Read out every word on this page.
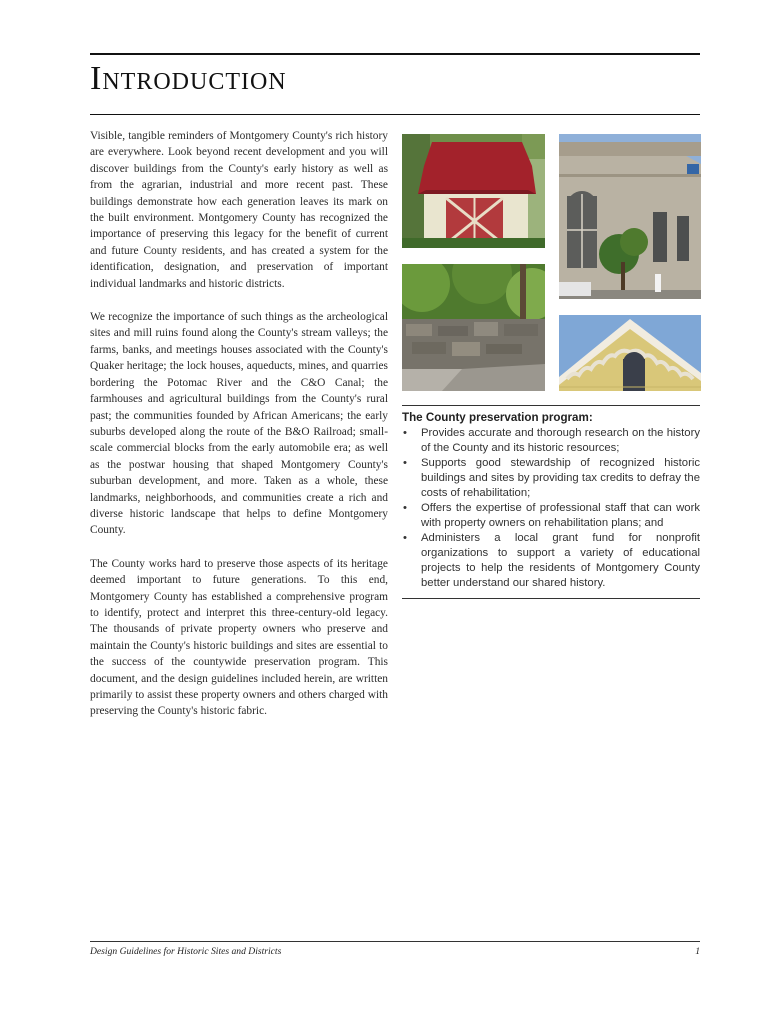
Introduction

Visible, tangible reminders of Montgomery County's rich history are everywhere. Look beyond recent development and you will discover buildings from the County's early history as well as from the agrarian, industrial and more recent past. These buildings demonstrate how each generation leaves its mark on the built environment. Montgomery County has recognized the importance of preserving this legacy for the benefit of current and future County residents, and has created a system for the identification, designation, and preservation of important individual landmarks and historic districts.

We recognize the importance of such things as the archeological sites and mill ruins found along the County's stream valleys; the farms, banks, and meetings houses associated with the County's Quaker heritage; the lock houses, aqueducts, mines, and quarries bordering the Potomac River and the C&O Canal; the farmhouses and agricultural buildings from the County's rural past; the communities founded by African Americans; the early suburbs developed along the route of the B&O Railroad; small-scale commercial blocks from the early automobile era; as well as the postwar housing that shaped Montgomery County's suburban development, and more. Taken as a whole, these landmarks, neighborhoods, and communities create a rich and diverse historic landscape that helps to define Montgomery County.

The County works hard to preserve those aspects of its heritage deemed important to future generations. To this end, Montgomery County has established a comprehensive program to identify, protect and interpret this three-century-old legacy. The thousands of private property owners who preserve and maintain the County's historic buildings and sites are essential to the success of the countywide preservation program. This document, and the design guidelines included herein, are written primarily to assist these property owners and others charged with preserving the County's historic fabric.

The County preservation program:

• Provides accurate and thorough research on the history of the County and its historic resources;
• Supports good stewardship of recognized historic buildings and sites by providing tax credits to defray the costs of rehabilitation;
• Offers the expertise of professional staff that can work with property owners on rehabilitation plans; and
• Administers a local grant fund for nonprofit organizations to support a variety of educational projects to help the residents of Montgomery County better understand our shared history.
Design Guidelines for Historic Sites and Districts	1
